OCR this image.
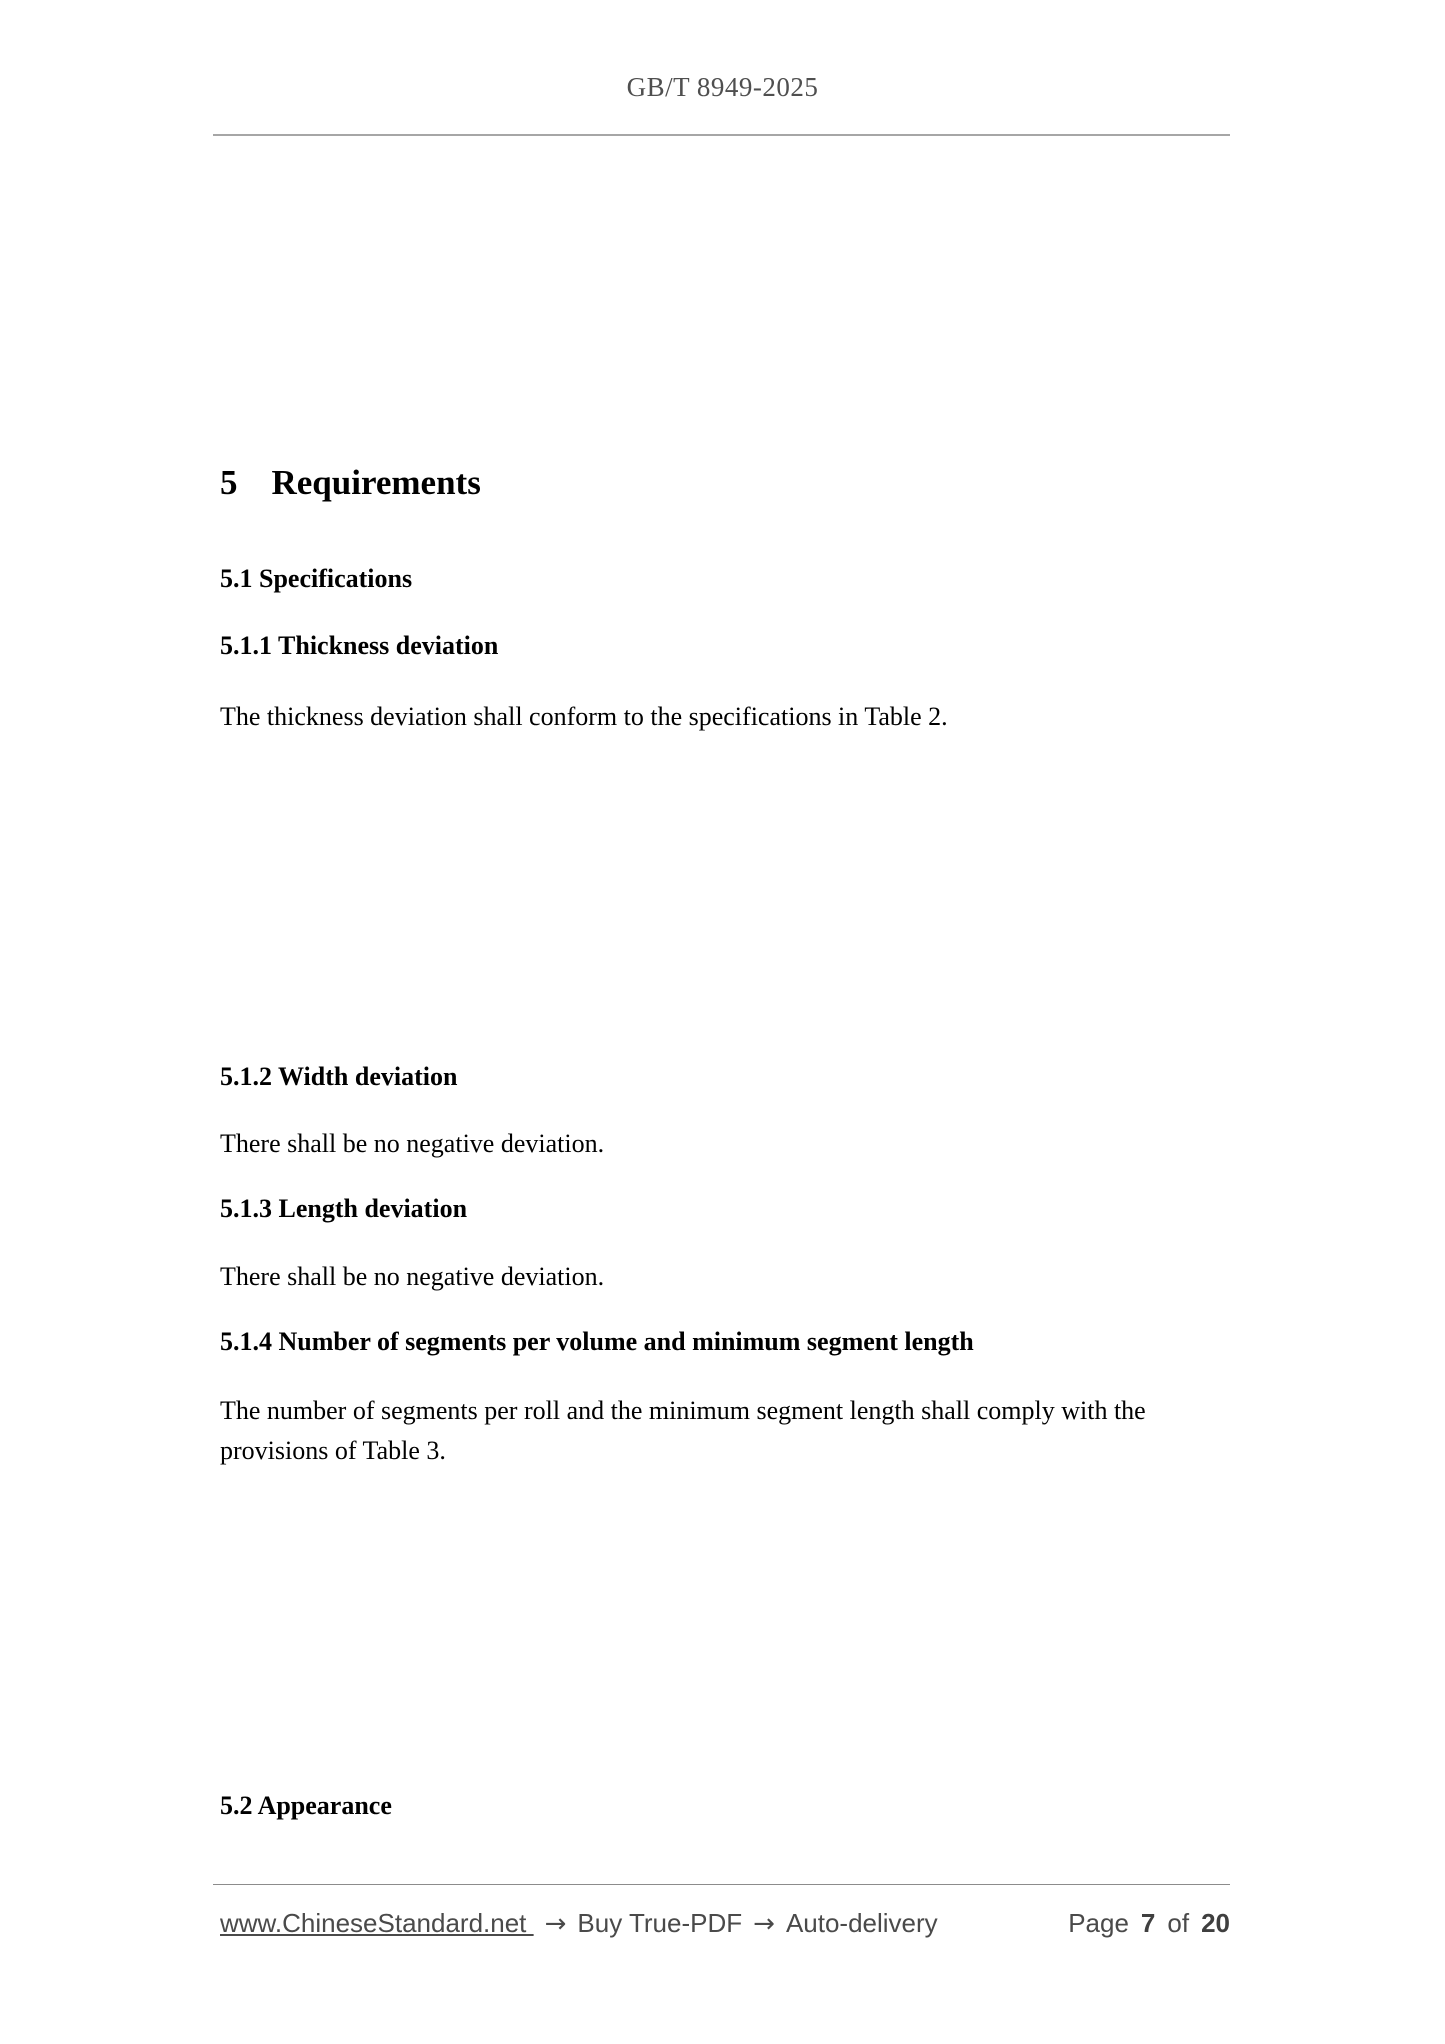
GB/T 8949-2025
5 Requirements
5.1 Specifications
5.1.1 Thickness deviation
The thickness deviation shall conform to the specifications in Table 2.
5.1.2 Width deviation
There shall be no negative deviation.
5.1.3 Length deviation
There shall be no negative deviation.
5.1.4 Number of segments per volume and minimum segment length
The number of segments per roll and the minimum segment length shall comply with the provisions of Table 3.
5.2 Appearance
www.ChineseStandard.net → Buy True-PDF → Auto-delivery	Page 7 of 20
